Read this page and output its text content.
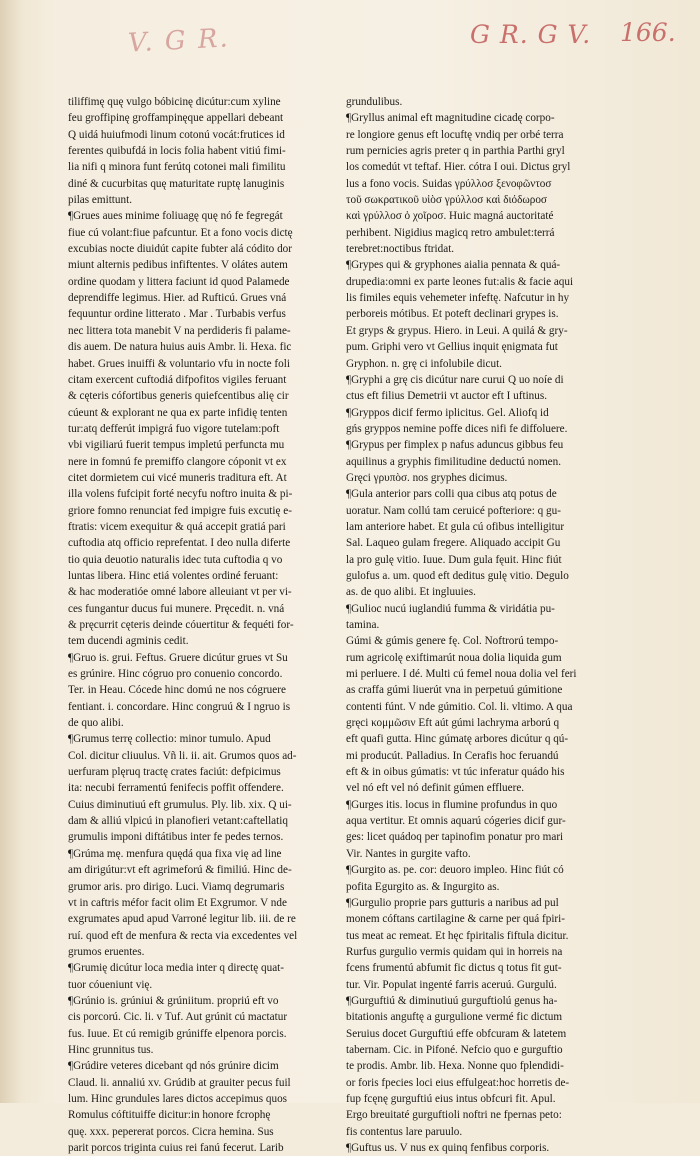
V. G R.	G R. G V. 166.
tiliffimę quę vulgo bóbicinę dicútur:cum xyline
feu groffipinę groffampinęque appellari debeant
Q uidá huiufmodi linum cotonú vocát:frutices id
ferentes quibufdá in locis folia habent vitiú fimi-
lia nifi q minora funt ferútq cotonei mali fimilitu
diné & cucurbitas quę maturitate ruptę lanuginis
pilas emittunt.
¶Grues aues minime foliuagę quę nó fe fegregát
fiue cú volant:fiue pafcuntur. Et a fono vocis dictę
excubias nocte diuidút capite fubter alá códito dor
miunt alternis pedibus infiftentes. V olátes autem
ordine quodam y littera faciunt id quod Palamede
deprendiffe legimus. Hier. ad Rufticú. Grues vná
fequuntur ordine litterato . Mar . Turbabis verfus
nec littera tota manebit V na perdideris fi palame-
dis auem. De natura huius auis Ambr. li. Hexa. fic
habet. Grues inuiffi & voluntario vfu in nocte foli
citam exercent cuftodiá difpofitos vigiles feruant
& cęteris cófortibus generis quiefcentibus alię cir
cúeunt & explorant ne qua ex parte infidię tenten
tur:atq defferút impigrá fuo vigore tutelam:poft
vbi vigiliarú fuerit tempus impletú perfuncta mu
nere in fomnú fe premiffo clangore cóponit vt ex
citet dormietem cui vicé muneris traditura eft. At
illa volens fufcipit forté necyfu noftro inuita & pi-
griore fomno renunciat fed impigre fuis excutię e-
ftratis: vicem exequitur & quá accepit gratiá pari
cuftodia atq officio reprefentat. I deo nulla diferte
tio quia deuotio naturalis idec tuta cuftodia q vo
luntas libera. Hinc etiá volentes ordiné feruant:
& hac moderatióe omné labore alleuiant vt per vi-
ces fungantur ducus fui munere. Pręcedit. n. vná
& pręcurrit cęteris deinde cóuertitur & fequéti for-
tem ducendi agminis cedit.
¶Gruo is. grui. Feftus. Gruere dicútur grues vt Su
es grúnire. Hinc cógruo pro conuenio concordo.
Ter. in Heau. Cócede hinc domú ne nos cógruere
fentiant. i. concordare. Hinc congruú & I ngruo is
de quo alibi.
¶Grumus terrę collectio: minor tumulo. Apud
Col. dicitur cliuulus. Vñ li. ii. ait. Grumos quos ad-
uerfuram plęruq tractę crates faciút: defpicimus
ita: necubi ferramentú fenifecis poffit offendere.
Cuius diminutiuú eft grumulus. Ply. lib. xix. Q ui-
dam & alliú vlpicú in planofieri vetant:caftellatiq
grumulis imponi diftátibus inter fe pedes ternos.
¶Grúma mę. menfura quędá qua fixa vię ad line
am dirigútur:vt eft agrimeforú & fimiliú. Hinc de-
grumor aris. pro dirigo. Luci. Viamq degrumaris
vt in caftris méfor facit olim Et Exgrumor. V nde
exgrumates apud apud Varroné legitur lib. iii. de re
ruí. quod eft de menfura & recta via excedentes vel
grumos eruentes.
¶Grumię dicútur loca media inter q directę quat-
tuor cóueniunt vię.
¶Grúnio is. grúniui & grúniitum. propriú eft vo
cis porcorú. Cic. li. v Tuf. Aut grúnit cú mactatur
fus. Iuue. Et cú remigib grúniffe elpenora porcis.
Hinc grunnitus tus.
¶Grúdire veteres dicebant qd nós grúnire dicim
Claud. li. annaliú xv. Grúdib at grauiter pecus fuil
lum. Hinc grundules lares dictos accepimus quos
Romulus cóftituiffe dicitur:in honore fcrophę
quę. xxx. pepererat porcos. Cicra hemina. Sus
parit porcos triginta cuius rei fanú fecerut. Larib
grundulibus.
¶Gryllus animal eft magnitudine cicadę corpo-
re longiore genus eft locuftę vndiq per orbé terra
rum pernicies agris preter q in parthia Parthi gryl
los comedút vt teftaf. Hier. cótra I oui. Dictus gryl
lus a fono vocis. Suidas γρύλλοσ ξενοφῶντοσ
τοῦ σωκρατικοῦ υἱὸσ γρύλλοσ καὶ διόδωροσ
καὶ γρύλλοσ ὁ χοῖροσ. Huic magná auctoritaté
perhibent. Nigidius magicq retro ambulet:terrá
terebret:noctibus ftridat.
¶Grypes qui & gryphones aialia pennata & quá-
drupedia:omni ex parte leones fut:alis & facie aqui
lis fimiles equis vehemeter infeftę. Nafcutur in hy
perboreis mótibus. Et poteft declinari grypes is.
Et gryps & grypus. Hiero. in Leui. A quilá & gry-
pum. Griphi vero vt Gellius inquit ęnigmata fut
Gryphon. n. grę ci infolubile dicut.
¶Gryphi a grę cis dicútur nare curui Q uo noíe di
ctus eft filius Demetrii vt auctor eft I uftinus.
¶Gryppos dicif fermo iplicitus. Gel. Aliofq id
gńs gryppos nemine poffe dices nifi fe diffoluere.
¶Grypus per fimplex p nafus aduncus gibbus feu
aquilinus a gryphis fimilitudine deductú nomen.
Gręci γρυπὸσ. nos gryphes dicimus.
¶Gula anterior pars colli qua cibus atq potus de
uoratur. Nam collú tam ceruicé pofteriore: q gu-
lam anteriore habet. Et gula cú ofibus intelligitur
Sal. Laqueo gulam fregere. Aliquado accipit Gu
la pro gulę vitio. Iuue. Dum gula fęuit. Hinc fiút
gulofus a. um. quod eft deditus gulę vitio. Degulo
as. de quo alibi. Et ingluuies.
¶Gulioc nucú iuglandiú fumma & viridátia pu-
tamina.
Gúmi & gúmis genere fę. Col. Noftrorú tempo-
rum agricolę exiftimarút noua dolia liquida gum
mi perluere. I dé. Multi cú femel noua dolia vel feri
as craffa gúmi liuerút vna in perpetuú gúmitione
contenti fúnt. V nde gúmitio. Col. li. vltimo. A qua
gręci κομμῶσιν Eft aút gúmi lachryma arború q
eft quafi gutta. Hinc gúmatę arbores dicútur q qú-
mi producút. Palladius. In Cerafis hoc feruandú
eft & in oibus gúmatis: vt túc inferatur quádo his
vel nó eft vel nó definit gúmen effluere.
¶Gurges itis. locus in flumine profundus in quo
aqua vertitur. Et omnis aquarú cógeries dicif gur-
ges: licet quádoq per tapinofim ponatur pro mari
Vir. Nantes in gurgite vafto.
¶Gurgito as. pe. cor: deuoro impleo. Hinc fiút có
pofita Egurgito as. & Ingurgito as.
¶Gurgulio proprie pars gutturis a naribus ad pul
monem cóftans cartilagine & carne per quá fpiri-
tus meat ac remeat. Et hęc fpiritalis fiftula dicitur.
Rurfus gurgulio vermis quidam qui in horreis na
fcens frumentú abfumit fic dictus q totus fit gut-
tur. Vir. Populat ingenté farris aceruú. Gurgulú.
¶Gurguftiú & diminutiuú gurguftiolú genus ha-
bitationis anguftę a gurgulione vermé fic dictum
Seruius docet Gurguftiú effe obfcuram & latetem
tabernam. Cic. in Pifoné. Nefcio quo e gurguftio
te prodis. Ambr. lib. Hexa. Nonne quo fplendidi-
or foris fpecies loci eius effulgeat:hoc horretis de-
fup fcęnę gurguftiú eius intus obfcuri fit. Apul.
Ergo breuitaté gurguftioli noftri ne fpernas peto:
fis contentus lare paruulo.
¶Guftus us. V nus ex quinq fenfibus corporis.
